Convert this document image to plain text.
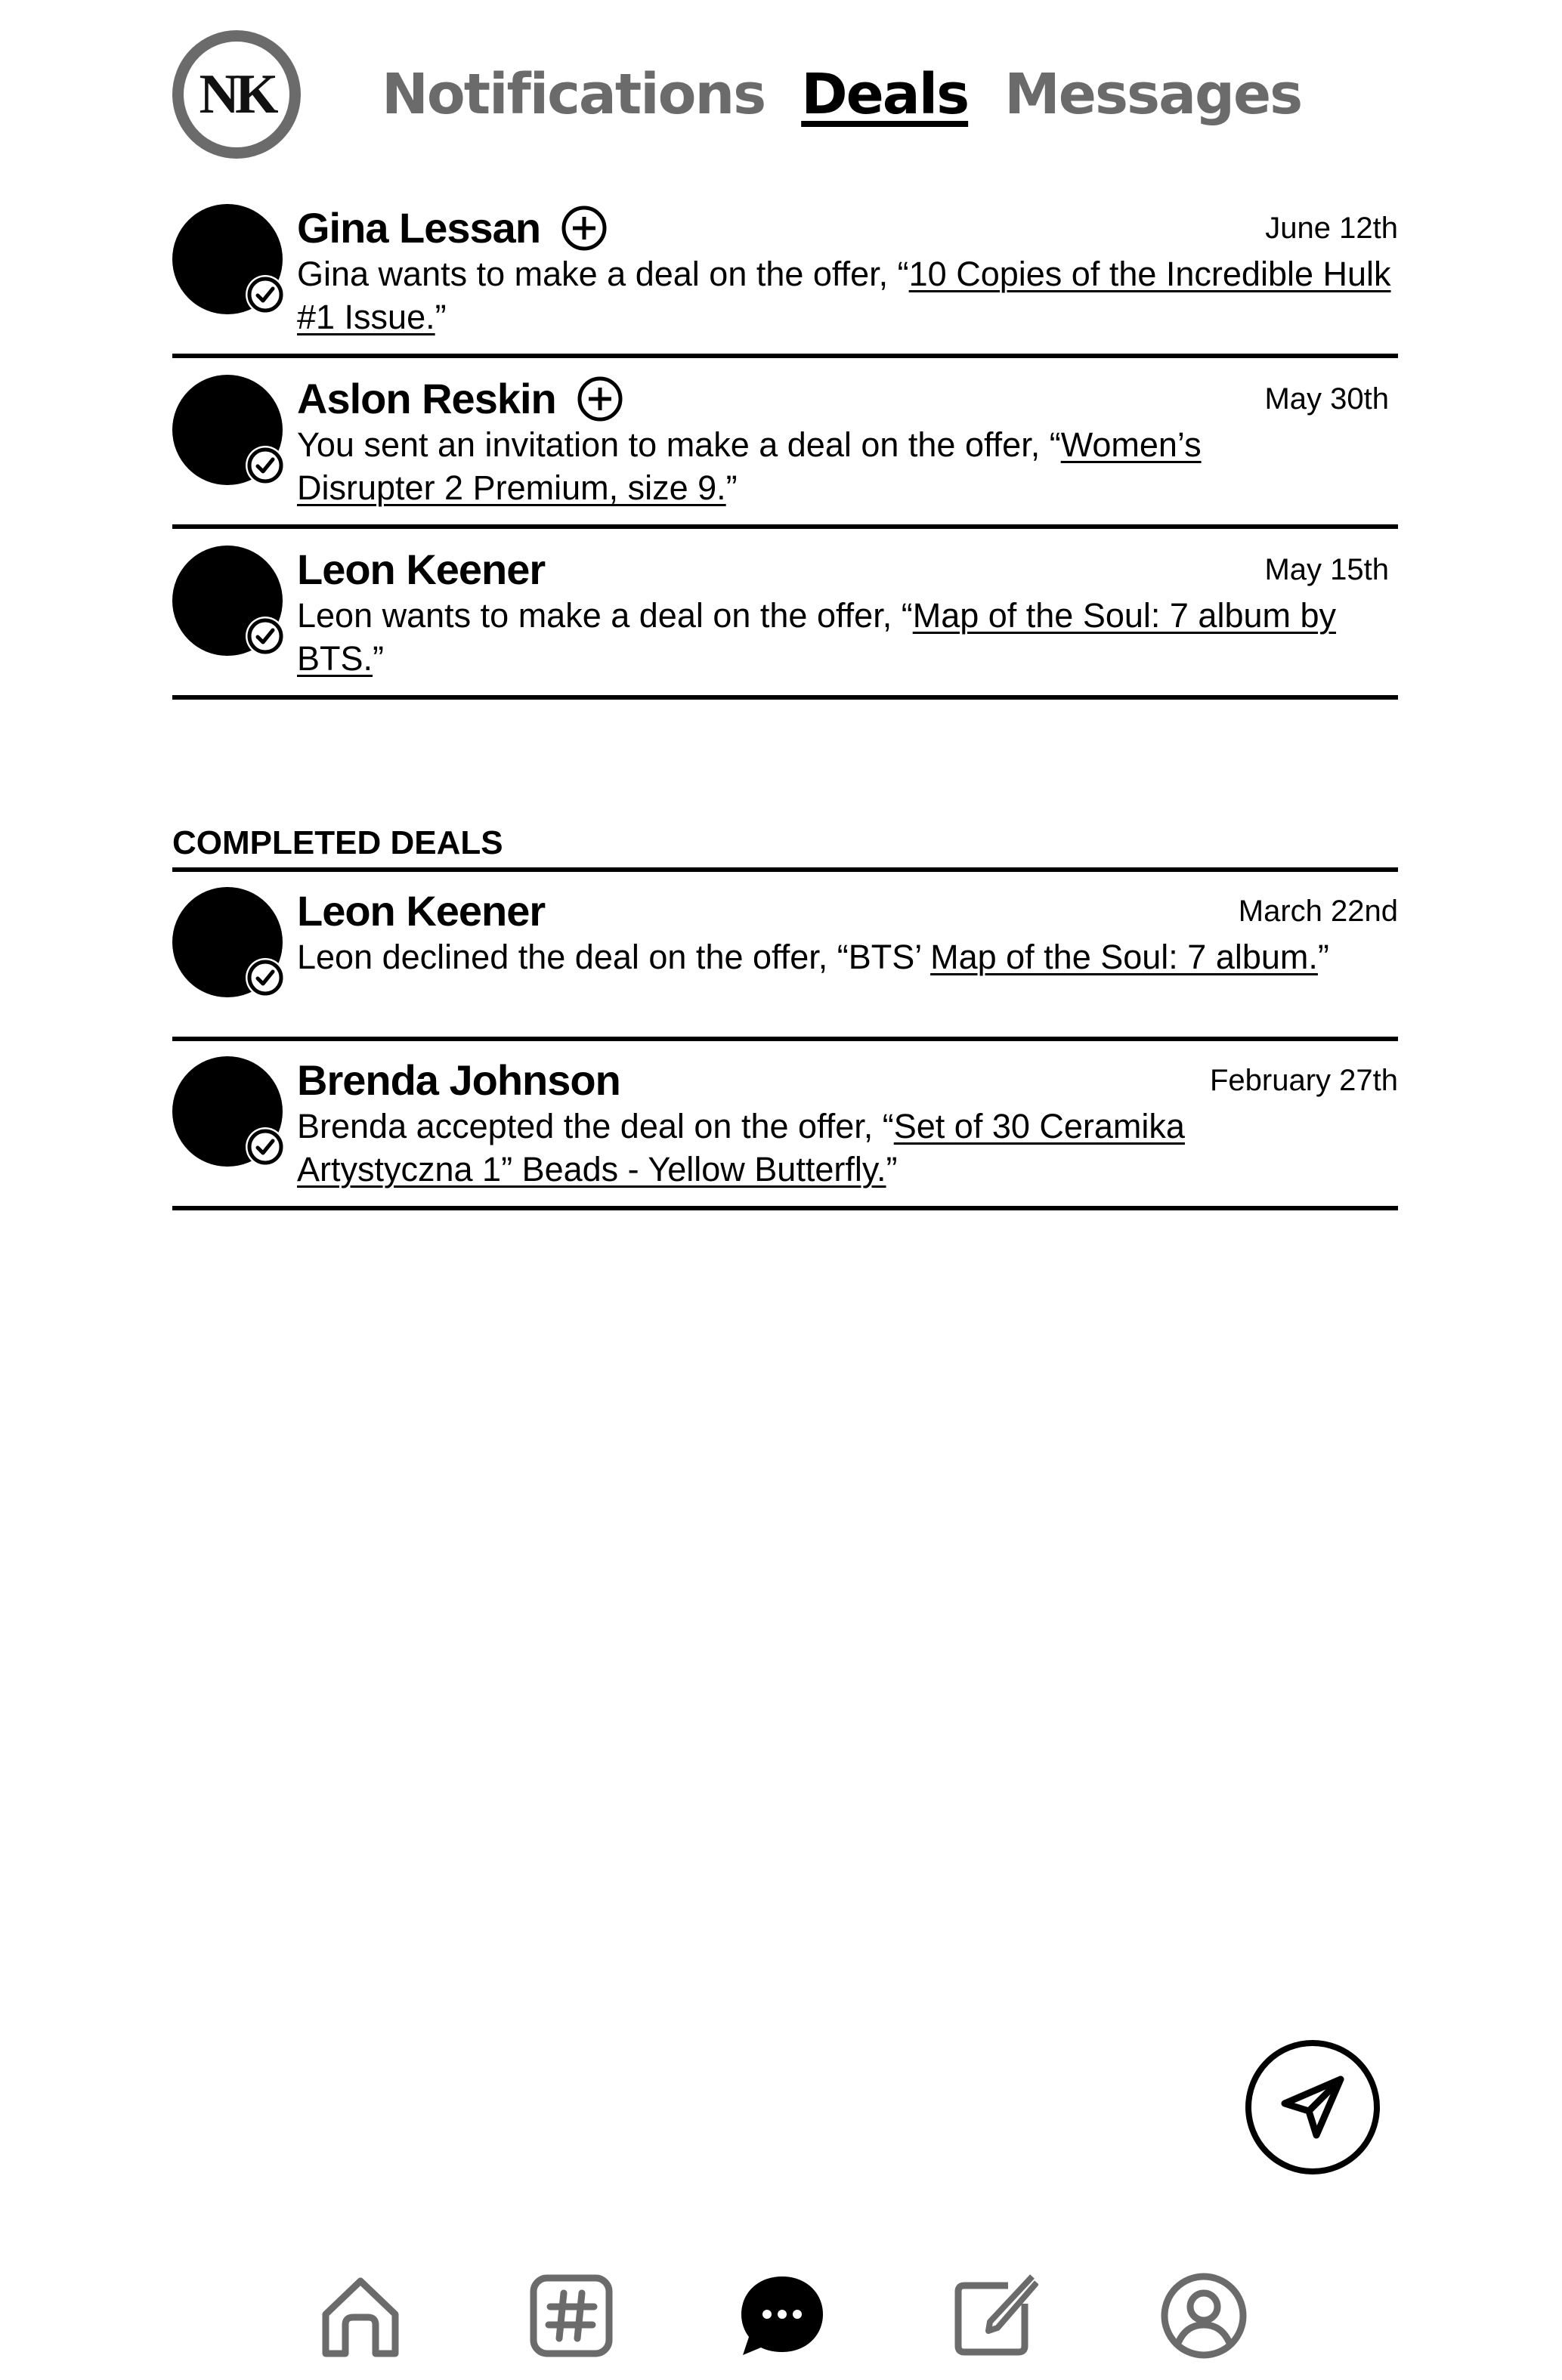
NK Notifications Deals Messages
Gina Lessan	June 12th
Gina wants to make a deal on the offer, “10 Copies of the Incredible Hulk #1 Issue.”
Aslon Reskin	May 30th
You sent an invitation to make a deal on the offer, “Women’s Disrupter 2 Premium, size 9.”
Leon Keener	May 15th
Leon wants to make a deal on the offer, “Map of the Soul: 7 album by BTS.”
COMPLETED DEALS
Leon Keener	March 22nd
Leon declined the deal on the offer, “BTS’ Map of the Soul: 7 album.”
Brenda Johnson	February 27th
Brenda accepted the deal on the offer, “Set of 30 Ceramika Artystyczna 1” Beads - Yellow Butterfly.”
